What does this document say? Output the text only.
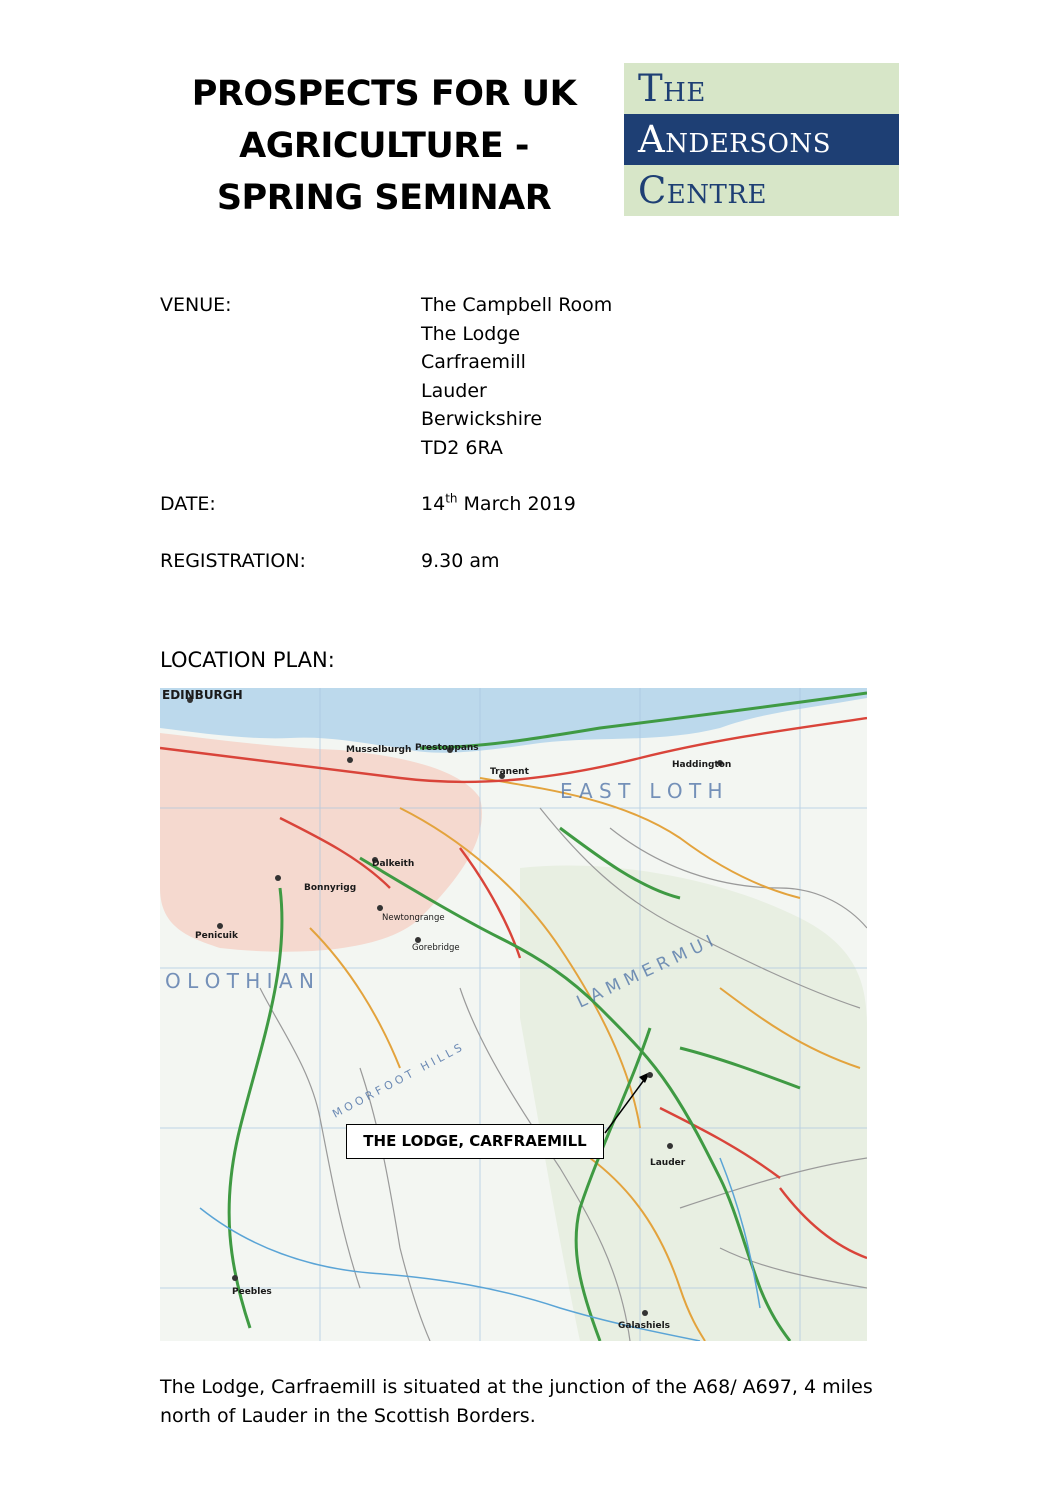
PROSPECTS FOR UK
AGRICULTURE -
SPRING SEMINAR
The
Andersons
Centre
VENUE:	The Campbell Room
The Lodge
Carfraemill
Lauder
Berwickshire
TD2 6RA
DATE:	14th March 2019
REGISTRATION:	9.30 am
LOCATION PLAN:
EDINBURGH
Musselburgh Prestonpans
Tranent
Haddington
Dalkeith
Bonnyrigg
Newtongrange
Penicuik
Gorebridge
Lauder
Peebles
Galashiels
E A S T   L O T H
O L O T H I A N	L A M M E R M U I
M O O R F O O T   H I L L S
THE LODGE, CARFRAEMILL
The Lodge, Carfraemill is situated at the junction of the A68/ A697, 4 miles north of Lauder in the Scottish Borders.
